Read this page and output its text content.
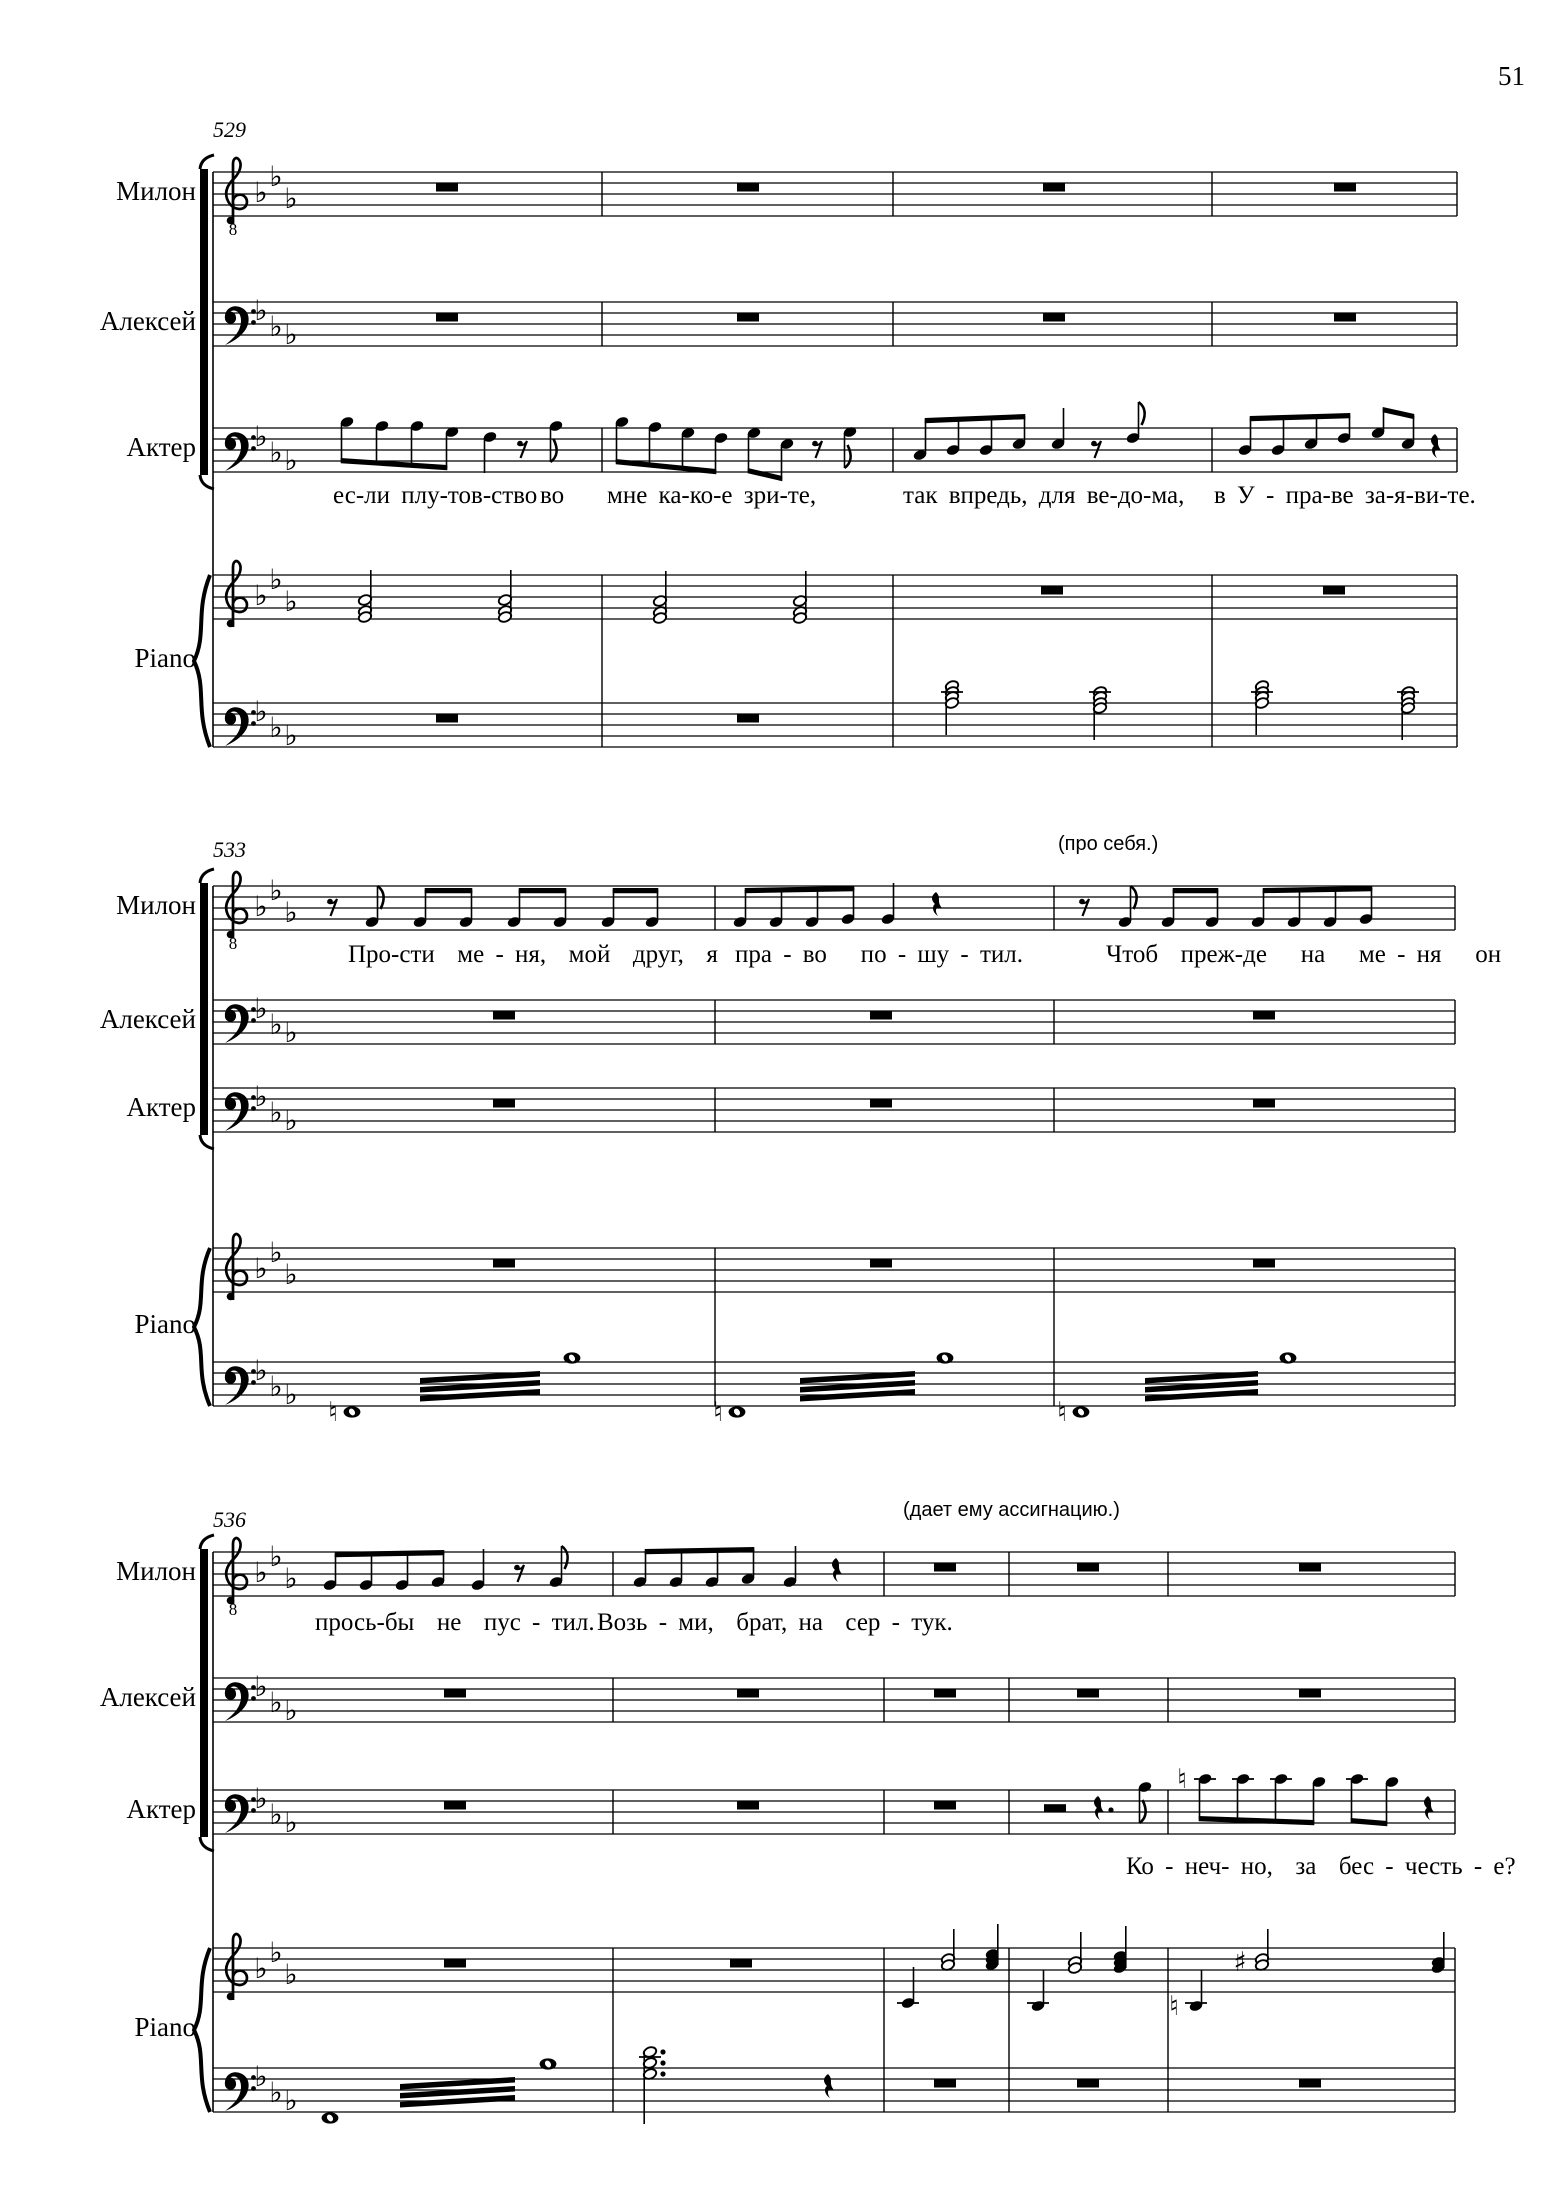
8
♭ ♭
♭
♭ ♭ ♭
♭ ♭ ♭
♭ ♭
♭
♭ ♭ ♭
8
♭ ♭
♭
♭ ♭ ♭
♭ ♭ ♭
♭ ♭
♭
♭ ♭ ♭
♮	♮	♮
8
♭ ♭
♭
♭ ♭ ♭
♭ ♭ ♭
♮
♭ ♭
♭
♮
♯
♭ ♭ ♭
51
529
533
536
(про себя.)
(дает ему ассигнацию.)
Милон
Алексей
Актер
Piano
Милон
Алексей
Актер
Piano
Милон
Алексей
Актер
Piano
ес-ли плу-тов-ство во мне ка-ко-е зри-те,	так впредь, для ве-до-ма, в У - пра-ве за-я-ви-те.
Про-сти  ме - ня,  мой  друг,  я пра - во   по - шу - тил.	Чтоб  преж-де   на   ме - ня   он
прось-бы  не  пус - тил. Возь - ми,  брат, на  сер - тук.
Ко - неч- но,  за  бес - честь - е?
